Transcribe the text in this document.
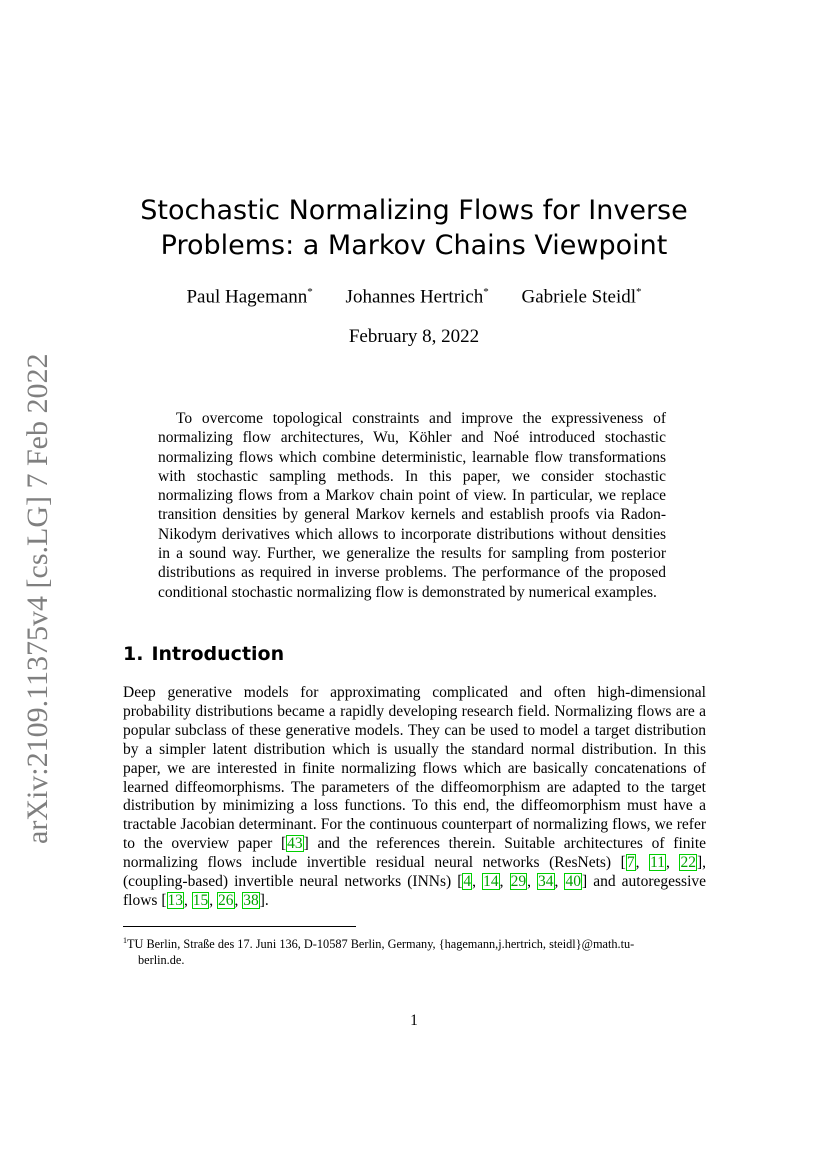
arXiv:2109.11375v4 [cs.LG] 7 Feb 2022
Stochastic Normalizing Flows for Inverse
Problems: a Markov Chains Viewpoint
Paul Hagemann* Johannes Hertrich* Gabriele Steidl*
February 8, 2022

To overcome topological constraints and improve the expressiveness of normalizing flow architectures, Wu, Köhler and Noé introduced stochastic normalizing flows which combine deterministic, learnable flow transformations with stochastic sampling methods. In this paper, we consider stochastic normalizing flows from a Markov chain point of view. In particular, we replace transition densities by general Markov kernels and establish proofs via Radon-Nikodym derivatives which allows to incorporate distributions without densities in a sound way. Further, we generalize the results for sampling from posterior distributions as required in inverse problems. The performance of the proposed conditional stochastic normalizing flow is demonstrated by numerical examples.

1. Introduction

Deep generative models for approximating complicated and often high-dimensional probability distributions became a rapidly developing research field. Normalizing flows are a popular subclass of these generative models. They can be used to model a target distribution by a simpler latent distribution which is usually the standard normal distribution. In this paper, we are interested in finite normalizing flows which are basically concatenations of learned diffeomorphisms. The parameters of the diffeomorphism are adapted to the target distribution by minimizing a loss functions. To this end, the diffeomorphism must have a tractable Jacobian determinant. For the continuous counterpart of normalizing flows, we refer to the overview paper [43] and the references therein. Suitable architectures of finite normalizing flows include invertible residual neural networks (ResNets) [7, 11, 22], (coupling-based) invertible neural networks (INNs) [4, 14, 29, 34, 40] and autoregessive flows [13, 15, 26, 38].

$^1$TU Berlin, Straße des 17. Juni 136, D-10587 Berlin, Germany, {hagemann,j.hertrich, steidl}@math.tu-
berlin.de.

1
